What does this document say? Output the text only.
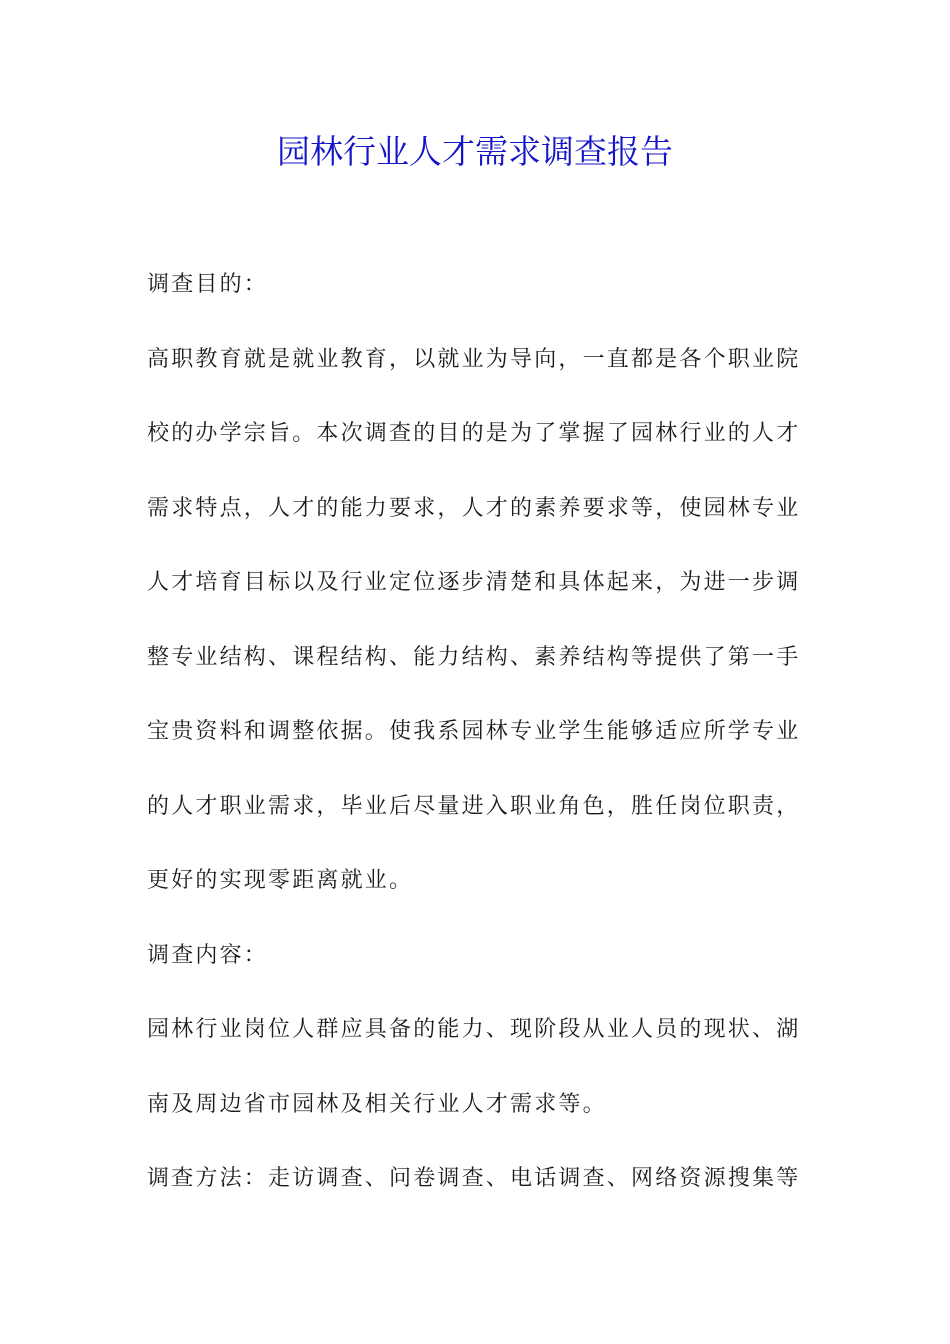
园林行业人才需求调查报告
调查目的：
高职教育就是就业教育，以就业为导向，一直都是各个职业院
校的办学宗旨。本次调查的目的是为了掌握了园林行业的人才
需求特点，人才的能力要求，人才的素养要求等，使园林专业
人才培育目标以及行业定位逐步清楚和具体起来，为进一步调
整专业结构、课程结构、能力结构、素养结构等提供了第一手
宝贵资料和调整依据。使我系园林专业学生能够适应所学专业
的人才职业需求，毕业后尽量进入职业角色，胜任岗位职责，
更好的实现零距离就业。
调查内容：
园林行业岗位人群应具备的能力、现阶段从业人员的现状、湖
南及周边省市园林及相关行业人才需求等。
调查方法：走访调查、问卷调查、电话调查、网络资源搜集等
